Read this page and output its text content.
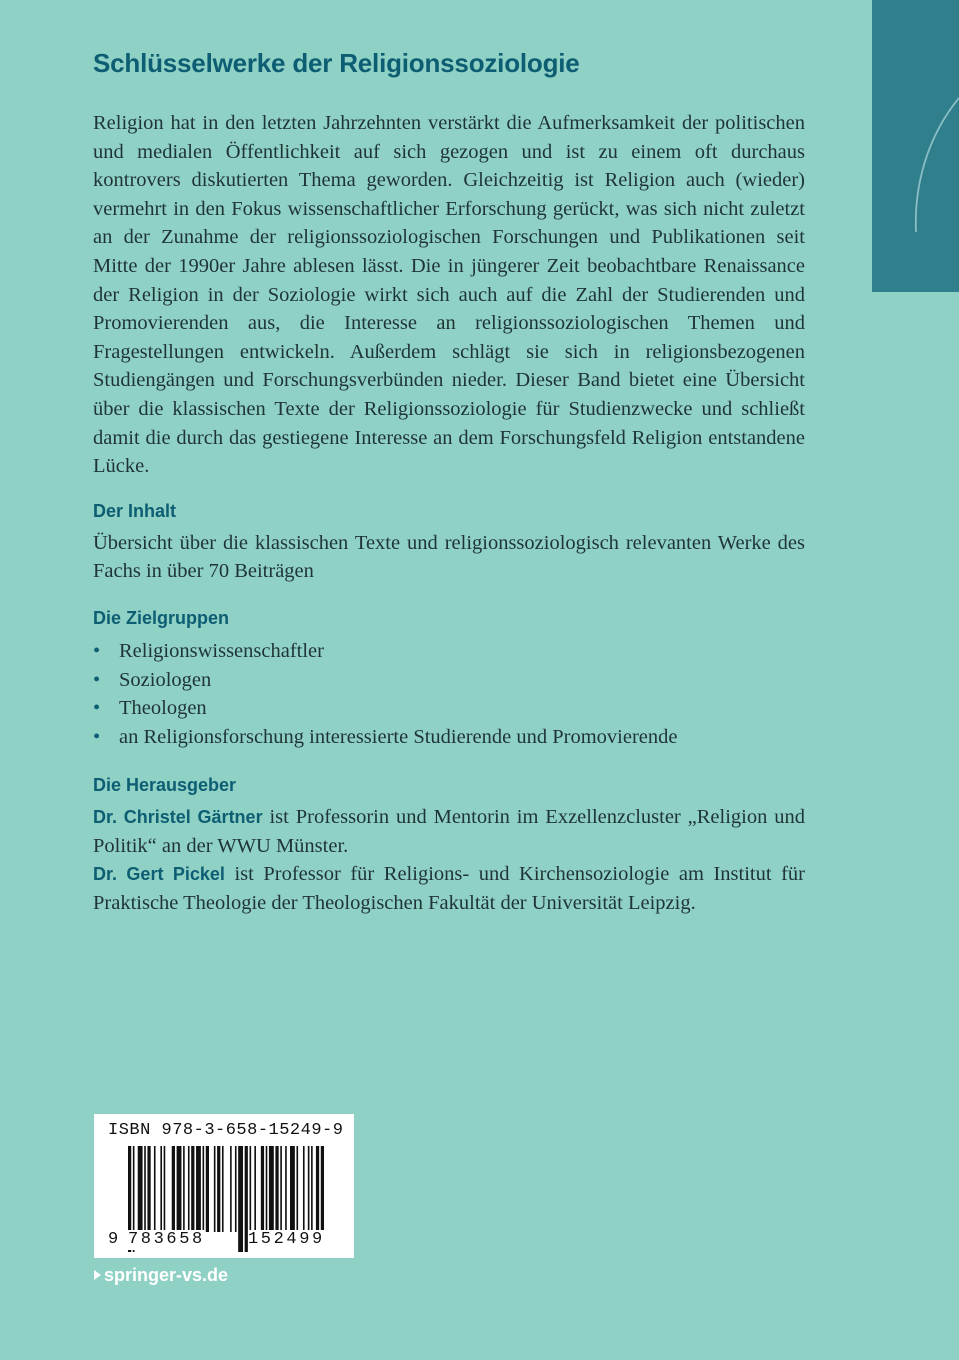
Schlüsselwerke der Religionssoziologie

Religion hat in den letzten Jahrzehnten verstärkt die Aufmerksamkeit der politischen und medialen Öffentlichkeit auf sich gezogen und ist zu einem oft durchaus kontrovers diskutierten Thema geworden. Gleichzeitig ist Religion auch (wieder) vermehrt in den Fokus wissenschaftlicher Erforschung gerückt, was sich nicht zuletzt an der Zunahme der religionssoziologischen Forschungen und Publikationen seit Mitte der 1990er Jahre ablesen lässt. Die in jüngerer Zeit beobachtbare Renaissance der Religion in der Soziologie wirkt sich auch auf die Zahl der Studierenden und Promovierenden aus, die Interesse an religionssoziologischen Themen und Fragestellungen entwickeln. Außerdem schlägt sie sich in religionsbezogenen Studiengängen und Forschungsverbünden nieder. Dieser Band bietet eine Übersicht über die klassischen Texte der Religionssoziologie für Studienzwecke und schließt damit die durch das gestiegene Interesse an dem Forschungsfeld Religion entstandene Lücke.

Der Inhalt

Übersicht über die klassischen Texte und religionssoziologisch relevanten Werke des Fachs in über 70 Beiträgen

Die Zielgruppen
• Religionswissenschaftler
• Soziologen
• Theologen
• an Religionsforschung interessierte Studierende und Promovierende
Die Herausgeber

Dr. Christel Gärtner ist Professorin und Mentorin im Exzellenzcluster „Religion und Politik“ an der WWU Münster.

Dr. Gert Pickel ist Professor für Religions- und Kirchensoziologie am Institut für Praktische Theologie der Theologischen Fakultät der Universität Leipzig.

ISBN 978-3-658-15249-9
9 783658	152499
springer-vs.de
